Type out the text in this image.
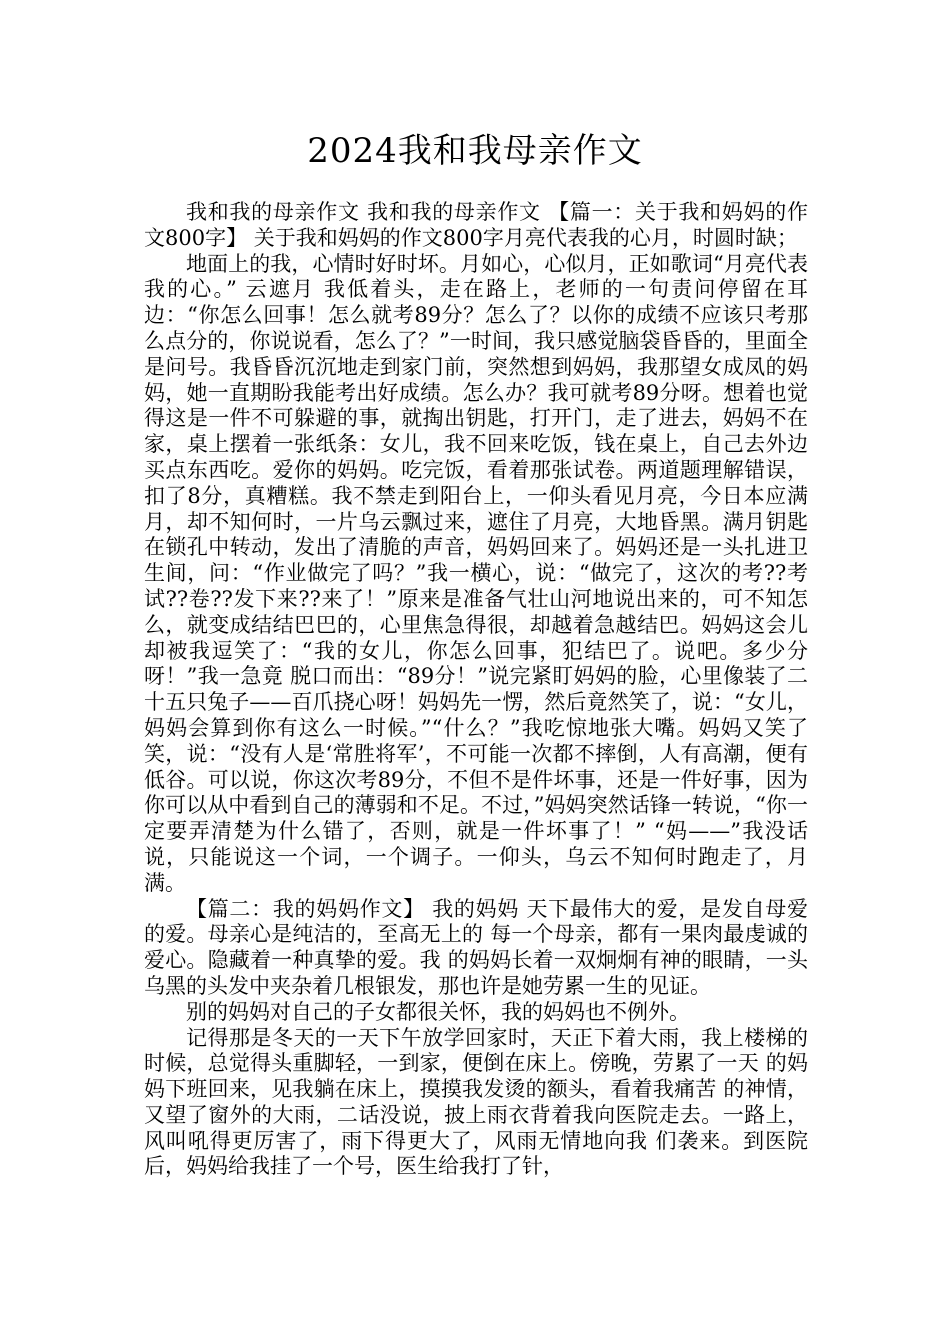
2024我和我母亲作文

我和我的母亲作文 我和我的母亲作文 【篇一：关于我和妈妈的作文800字】 关于我和妈妈的作文800字月亮代表我的心月，时圆时缺；

地面上的我，心情时好时坏。月如心，心似月，正如歌词“月亮代表我的心。” 云遮月 我低着头，走在路上，老师的一句责问停留在耳边：“你怎么回事！怎么就考89分？怎么了？以你的成绩不应该只考那么点分的，你说说看，怎么了？”一时间，我只感觉脑袋昏昏的，里面全是问号。我昏昏沉沉地走到家门前，突然想到妈妈，我那望女成凤的妈妈，她一直期盼我能考出好成绩。怎么办？我可就考89分呀。想着也觉得这是一件不可躲避的事，就掏出钥匙，打开门，走了进去，妈妈不在家，桌上摆着一张纸条：女儿，我不回来吃饭，钱在桌上，自己去外边买点东西吃。爱你的妈妈。吃完饭，看着那张试卷。两道题理解错误，扣了8分，真糟糕。我不禁走到阳台上，一仰头看见月亮，今日本应满月，却不知何时，一片乌云飘过来，遮住了月亮，大地昏黑。满月钥匙在锁孔中转动，发出了清脆的声音，妈妈回来了。妈妈还是一头扎进卫生间，问：“作业做完了吗？”我一横心，说：“做完了，这次的考??考试??卷??发下来??来了！”原来是准备气壮山河地说出来的，可不知怎么，就变成结结巴巴的，心里焦急得很，却越着急越结巴。妈妈这会儿却被我逗笑了：“我的女儿，你怎么回事，犯结巴了。说吧。多少分呀！”我一急竟 脱口而出：“89分！”说完紧盯妈妈的脸，心里像装了二十五只兔子——百爪挠心呀！妈妈先一愣，然后竟然笑了，说：“女儿，妈妈会算到你有这么一时候。”“什么？”我吃惊地张大嘴。妈妈又笑了笑，说：“没有人是‘常胜将军’，不可能一次都不摔倒，人有高潮，便有低谷。可以说，你这次考89分，不但不是件坏事，还是一件好事，因为你可以从中看到自己的薄弱和不足。不过，”妈妈突然话锋一转说，“你一定要弄清楚为什么错了，否则，就是一件坏事了！” “妈——”我没话说，只能说这一个词，一个调子。一仰头，乌云不知何时跑走了，月满。

【篇二：我的妈妈作文】 我的妈妈 天下最伟大的爱，是发自母爱的爱。母亲心是纯洁的，至高无上的 每一个母亲，都有一果肉最虔诚的爱心。隐藏着一种真挚的爱。我 的妈妈长着一双炯炯有神的眼睛，一头乌黑的头发中夹杂着几根银发，那也许是她劳累一生的见证。

别的妈妈对自己的子女都很关怀，我的妈妈也不例外。

记得那是冬天的一天下午放学回家时，天正下着大雨，我上楼梯的 时候，总觉得头重脚轻，一到家，便倒在床上。傍晚，劳累了一天 的妈妈下班回来，见我躺在床上，摸摸我发烫的额头，看着我痛苦 的神情，又望了窗外的大雨，二话没说，披上雨衣背着我向医院走去。一路上，风叫吼得更厉害了，雨下得更大了，风雨无情地向我 们袭来。到医院后，妈妈给我挂了一个号，医生给我打了针，
